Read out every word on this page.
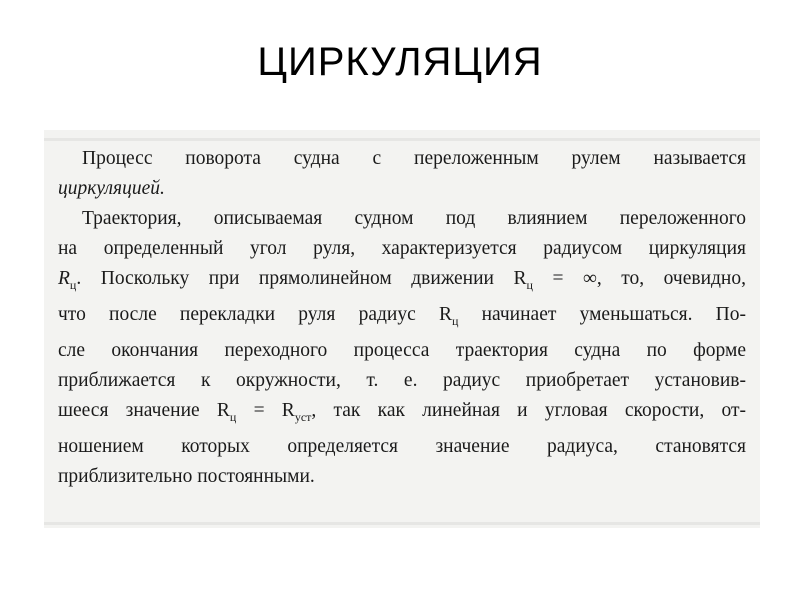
ЦИРКУЛЯЦИЯ
Процесс поворота судна с переложенным рулем называется
циркуляцией.
Траектория, описываемая судном под влиянием переложенного
на определенный угол руля, характеризуется радиусом циркуляция
$R_ц$. Поскольку при прямолинейном движении $R_ц$ = ∞, то, очевидно,
что после перекладки руля радиус $R_ц$ начинает уменьшаться. По-
сле окончания переходного процесса траектория судна по форме
приближается к окружности, т. е. радиус приобретает установив-
шееся значение $R_ц = R_{уст}$, так как линейная и угловая скорости, от-
ношением которых определяется значение радиуса, становятся
приблизительно постоянными.
